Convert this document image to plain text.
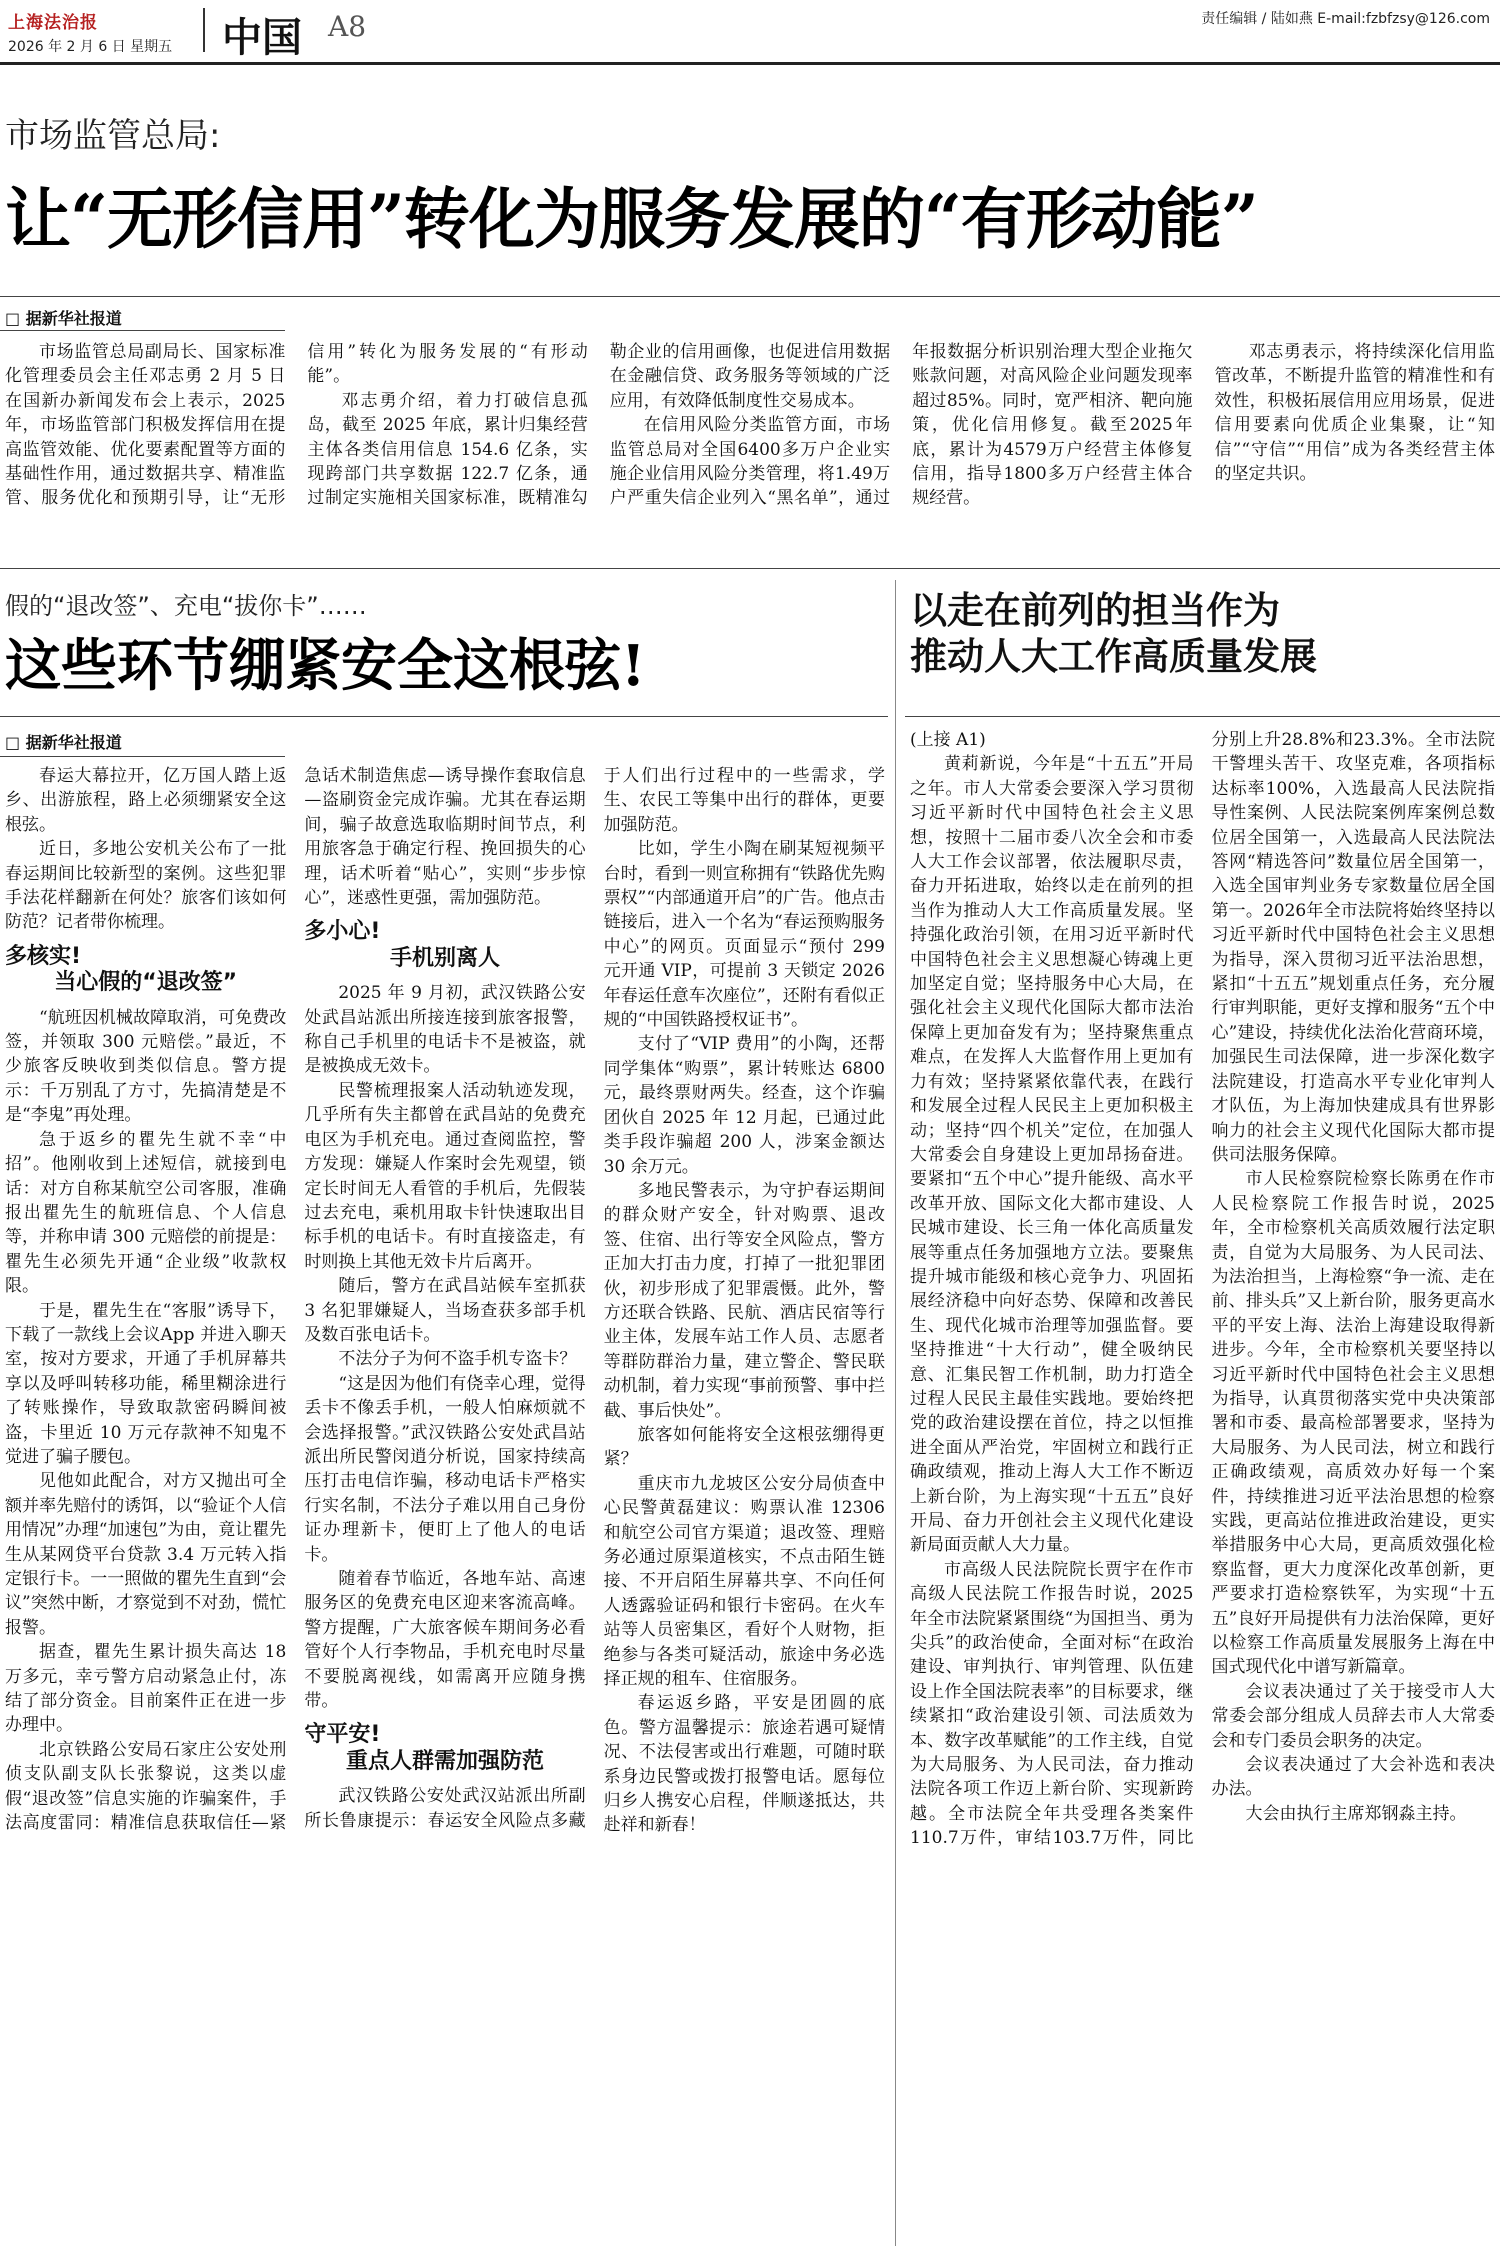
上海法治报
2026 年 2 月 6 日 星期五 中国 A8	责任编辑 / 陆如燕 E-mail:fzbfzsy@126.com
市场监管总局:
让“无形信用”转化为服务发展的“有形动能”
□ 据新华社报道

市场监管总局副局长、国家标准化管理委员会主任邓志勇 2 月 5 日在国新办新闻发布会上表示，2025 年，市场监管部门积极发挥信用在提高监管效能、优化要素配置等方面的基础性作用，通过数据共享、精准监管、服务优化和预期引导，让“无形信用”转化为服务发展的“有形动能”。

邓志勇介绍，着力打破信息孤岛，截至 2025 年底，累计归集经营主体各类信用信息 154.6 亿条，实现跨部门共享数据 122.7 亿条，通过制定实施相关国家标准，既精准勾勒企业的信用画像，也促进信用数据在金融信贷、政务服务等领域的广泛应用，有效降低制度性交易成本。

在信用风险分类监管方面，市场监管总局对全国6400多万户企业实施企业信用风险分类管理，将1.49万户严重失信企业列入“黑名单”，通过年报数据分析识别治理大型企业拖欠账款问题，对高风险企业问题发现率超过85%。同时，宽严相济、靶向施策，优化信用修复。截至2025年底，累计为4579万户经营主体修复信用，指导1800多万户经营主体合规经营。

邓志勇表示，将持续深化信用监管改革，不断提升监管的精准性和有效性，积极拓展信用应用场景，促进信用要素向优质企业集聚，让“知信”“守信”“用信”成为各类经营主体的坚定共识。

假的“退改签”、充电“拔你卡”……
这些环节绷紧安全这根弦!
□ 据新华社报道

春运大幕拉开，亿万国人踏上返乡、出游旅程，路上必须绷紧安全这根弦。

近日，多地公安机关公布了一批春运期间比较新型的案例。这些犯罪手法花样翻新在何处？旅客们该如何防范？记者带你梳理。

多核实!
当心假的“退改签”

“航班因机械故障取消，可免费改签，并领取 300 元赔偿。”最近，不少旅客反映收到类似信息。警方提示：千万别乱了方寸，先搞清楚是不是“李鬼”再处理。

急于返乡的瞿先生就不幸“中招”。他刚收到上述短信，就接到电话：对方自称某航空公司客服，准确报出瞿先生的航班信息、个人信息等，并称申请 300 元赔偿的前提是：瞿先生必须先开通“企业级”收款权限。

于是，瞿先生在“客服”诱导下，下载了一款线上会议App 并进入聊天室，按对方要求，开通了手机屏幕共享以及呼叫转移功能，稀里糊涂进行了转账操作，导致取款密码瞬间被盗，卡里近 10 万元存款神不知鬼不觉进了骗子腰包。

见他如此配合，对方又抛出可全额并率先赔付的诱饵，以“验证个人信用情况”办理“加速包”为由，竟让瞿先生从某网贷平台贷款 3.4 万元转入指定银行卡。一一照做的瞿先生直到“会议”突然中断，才察觉到不对劲，慌忙报警。

据查，瞿先生累计损失高达 18 万多元，幸亏警方启动紧急止付，冻结了部分资金。目前案件正在进一步办理中。

北京铁路公安局石家庄公安处刑侦支队副支队长张黎说，这类以虚假“退改签”信息实施的诈骗案件，手法高度雷同：精准信息获取信任—紧急话术制造焦虑—诱导操作套取信息—盗刷资金完成诈骗。尤其在春运期间，骗子故意选取临期时间节点，利用旅客急于确定行程、挽回损失的心理，话术听着“贴心”，实则“步步惊心”，迷惑性更强，需加强防范。

多小心!
手机别离人

2025 年 9 月初，武汉铁路公安处武昌站派出所接连接到旅客报警，称自己手机里的电话卡不是被盗，就是被换成无效卡。

民警梳理报案人活动轨迹发现，几乎所有失主都曾在武昌站的免费充电区为手机充电。通过查阅监控，警方发现：嫌疑人作案时会先观望，锁定长时间无人看管的手机后，先假装过去充电，乘机用取卡针快速取出目标手机的电话卡。有时直接盗走，有时则换上其他无效卡片后离开。

随后，警方在武昌站候车室抓获 3 名犯罪嫌疑人，当场查获多部手机及数百张电话卡。

不法分子为何不盗手机专盗卡？

“这是因为他们有侥幸心理，觉得丢卡不像丢手机，一般人怕麻烦就不会选择报警。”武汉铁路公安处武昌站派出所民警闵逍分析说，国家持续高压打击电信诈骗，移动电话卡严格实行实名制，不法分子难以用自己身份证办理新卡，便盯上了他人的电话卡。

随着春节临近，各地车站、高速服务区的免费充电区迎来客流高峰。警方提醒，广大旅客候车期间务必看管好个人行李物品，手机充电时尽量不要脱离视线，如需离开应随身携带。

守平安!
重点人群需加强防范

武汉铁路公安处武汉站派出所副所长鲁康提示：春运安全风险点多藏于人们出行过程中的一些需求，学生、农民工等集中出行的群体，更要加强防范。

比如，学生小陶在刷某短视频平台时，看到一则宣称拥有“铁路优先购票权”“内部通道开启”的广告。他点击链接后，进入一个名为“春运预购服务中心”的网页。页面显示“预付 299 元开通 VIP，可提前 3 天锁定 2026 年春运任意车次座位”，还附有看似正规的“中国铁路授权证书”。

支付了“VIP 费用”的小陶，还帮同学集体“购票”，累计转账达 6800 元，最终票财两失。经查，这个诈骗团伙自 2025 年 12 月起，已通过此类手段诈骗超 200 人，涉案金额达 30 余万元。

多地民警表示，为守护春运期间的群众财产安全，针对购票、退改签、住宿、出行等安全风险点，警方正加大打击力度，打掉了一批犯罪团伙，初步形成了犯罪震慑。此外，警方还联合铁路、民航、酒店民宿等行业主体，发展车站工作人员、志愿者等群防群治力量，建立警企、警民联动机制，着力实现“事前预警、事中拦截、事后快处”。

旅客如何能将安全这根弦绷得更紧？

重庆市九龙坡区公安分局侦查中心民警黄磊建议：购票认准 12306 和航空公司官方渠道；退改签、理赔务必通过原渠道核实，不点击陌生链接、不开启陌生屏幕共享、不向任何人透露验证码和银行卡密码。在火车站等人员密集区，看好个人财物，拒绝参与各类可疑活动，旅途中务必选择正规的租车、住宿服务。

春运返乡路，平安是团圆的底色。警方温馨提示：旅途若遇可疑情况、不法侵害或出行难题，可随时联系身边民警或拨打报警电话。愿每位归乡人携安心启程，伴顺遂抵达，共赴祥和新春！

以走在前列的担当作为
推动人大工作高质量发展

(上接 A1)

黄莉新说，今年是“十五五”开局之年。市人大常委会要深入学习贯彻习近平新时代中国特色社会主义思想，按照十二届市委八次全会和市委人大工作会议部署，依法履职尽责，奋力开拓进取，始终以走在前列的担当作为推动人大工作高质量发展。坚持强化政治引领，在用习近平新时代中国特色社会主义思想凝心铸魂上更加坚定自觉；坚持服务中心大局，在强化社会主义现代化国际大都市法治保障上更加奋发有为；坚持聚焦重点难点，在发挥人大监督作用上更加有力有效；坚持紧紧依靠代表，在践行和发展全过程人民民主上更加积极主动；坚持“四个机关”定位，在加强人大常委会自身建设上更加昂扬奋进。要紧扣“五个中心”提升能级、高水平改革开放、国际文化大都市建设、人民城市建设、长三角一体化高质量发展等重点任务加强地方立法。要聚焦提升城市能级和核心竞争力、巩固拓展经济稳中向好态势、保障和改善民生、现代化城市治理等加强监督。要坚持推进“十大行动”，健全吸纳民意、汇集民智工作机制，助力打造全过程人民民主最佳实践地。要始终把党的政治建设摆在首位，持之以恒推进全面从严治党，牢固树立和践行正确政绩观，推动上海人大工作不断迈上新台阶，为上海实现“十五五”良好开局、奋力开创社会主义现代化建设新局面贡献人大力量。

市高级人民法院院长贾宇在作市高级人民法院工作报告时说，2025 年全市法院紧紧围绕“为国担当、勇为尖兵”的政治使命，全面对标“在政治建设、审判执行、审判管理、队伍建设上作全国法院表率”的目标要求，继续紧扣“政治建设引领、司法质效为本、数字改革赋能”的工作主线，自觉为大局服务、为人民司法，奋力推动法院各项工作迈上新台阶、实现新跨越。全市法院全年共受理各类案件 110.7万件，审结103.7万件，同比分别上升28.8%和23.3%。全市法院干警埋头苦干、攻坚克难，各项指标达标率100%，入选最高人民法院指导性案例、人民法院案例库案例总数位居全国第一，入选最高人民法院法答网“精选答问”数量位居全国第一，入选全国审判业务专家数量位居全国第一。2026年全市法院将始终坚持以习近平新时代中国特色社会主义思想为指导，深入贯彻习近平法治思想，紧扣“十五五”规划重点任务，充分履行审判职能，更好支撑和服务“五个中心”建设，持续优化法治化营商环境，加强民生司法保障，进一步深化数字法院建设，打造高水平专业化审判人才队伍，为上海加快建成具有世界影响力的社会主义现代化国际大都市提供司法服务保障。

市人民检察院检察长陈勇在作市人民检察院工作报告时说，2025 年，全市检察机关高质效履行法定职责，自觉为大局服务、为人民司法、为法治担当，上海检察“争一流、走在前、排头兵”又上新台阶，服务更高水平的平安上海、法治上海建设取得新进步。今年，全市检察机关要坚持以习近平新时代中国特色社会主义思想为指导，认真贯彻落实党中央决策部署和市委、最高检部署要求，坚持为大局服务、为人民司法，树立和践行正确政绩观，高质效办好每一个案件，持续推进习近平法治思想的检察实践，更高站位推进政治建设，更实举措服务中心大局，更高质效强化检察监督，更大力度深化改革创新，更严要求打造检察铁军，为实现“十五五”良好开局提供有力法治保障，更好以检察工作高质量发展服务上海在中国式现代化中谱写新篇章。

会议表决通过了关于接受市人大常委会部分组成人员辞去市人大常委会和专门委员会职务的决定。

会议表决通过了大会补选和表决办法。

大会由执行主席郑钢淼主持。
